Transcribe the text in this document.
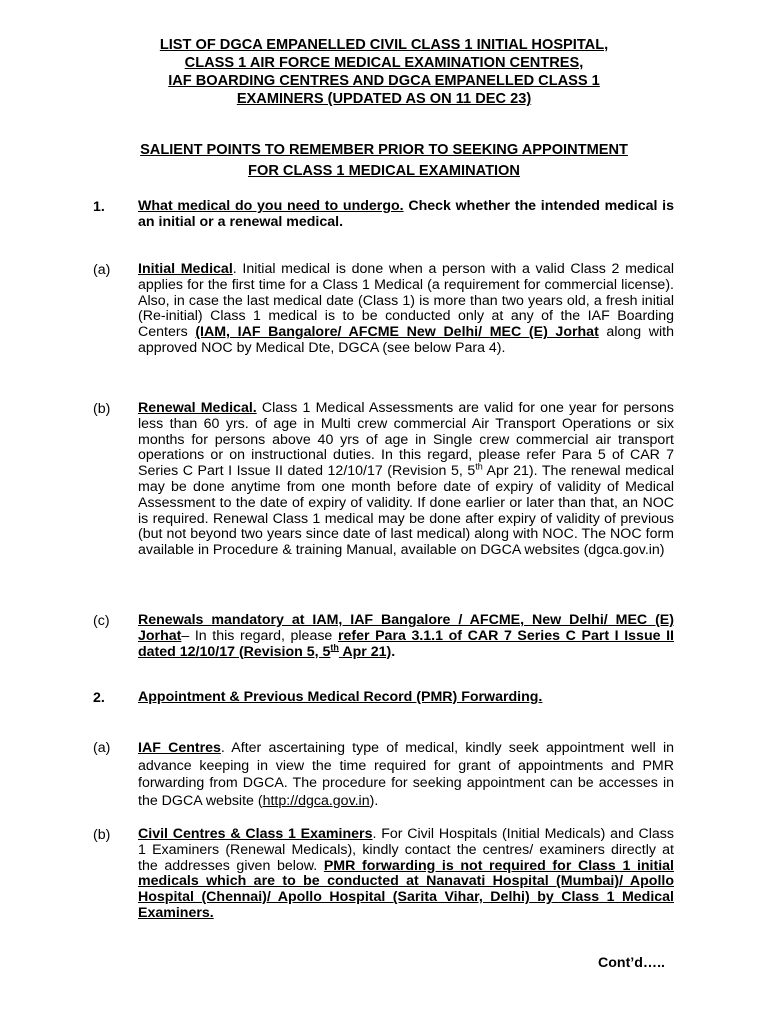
LIST OF DGCA EMPANELLED CIVIL CLASS 1 INITIAL HOSPITAL,
CLASS 1 AIR FORCE MEDICAL EXAMINATION CENTRES,
IAF BOARDING CENTRES AND DGCA EMPANELLED CLASS 1
EXAMINERS (UPDATED AS ON 11 DEC 23)
SALIENT POINTS TO REMEMBER PRIOR TO SEEKING APPOINTMENT
FOR CLASS 1 MEDICAL EXAMINATION
1. What medical do you need to undergo. Check whether the intended medical is an initial or a renewal medical.
(a) Initial Medical. Initial medical is done when a person with a valid Class 2 medical applies for the first time for a Class 1 Medical (a requirement for commercial license). Also, in case the last medical date (Class 1) is more than two years old, a fresh initial (Re-initial) Class 1 medical is to be conducted only at any of the IAF Boarding Centers (IAM, IAF Bangalore/ AFCME New Delhi/ MEC (E) Jorhat along with approved NOC by Medical Dte, DGCA (see below Para 4).
(b) Renewal Medical. Class 1 Medical Assessments are valid for one year for persons less than 60 yrs. of age in Multi crew commercial Air Transport Operations or six months for persons above 40 yrs of age in Single crew commercial air transport operations or on instructional duties. In this regard, please refer Para 5 of CAR 7 Series C Part I Issue II dated 12/10/17 (Revision 5, 5th Apr 21). The renewal medical may be done anytime from one month before date of expiry of validity of Medical Assessment to the date of expiry of validity. If done earlier or later than that, an NOC is required. Renewal Class 1 medical may be done after expiry of validity of previous (but not beyond two years since date of last medical) along with NOC. The NOC form available in Procedure & training Manual, available on DGCA websites (dgca.gov.in)
(c) Renewals mandatory at IAM, IAF Bangalore / AFCME, New Delhi/ MEC (E) Jorhat– In this regard, please refer Para 3.1.1 of CAR 7 Series C Part I Issue II dated 12/10/17 (Revision 5, 5th Apr 21).
2. Appointment & Previous Medical Record (PMR) Forwarding.
(a) IAF Centres. After ascertaining type of medical, kindly seek appointment well in advance keeping in view the time required for grant of appointments and PMR forwarding from DGCA. The procedure for seeking appointment can be accesses in the DGCA website (http://dgca.gov.in).
(b) Civil Centres & Class 1 Examiners. For Civil Hospitals (Initial Medicals) and Class 1 Examiners (Renewal Medicals), kindly contact the centres/ examiners directly at the addresses given below. PMR forwarding is not required for Class 1 initial medicals which are to be conducted at Nanavati Hospital (Mumbai)/ Apollo Hospital (Chennai)/ Apollo Hospital (Sarita Vihar, Delhi) by Class 1 Medical Examiners.
Cont’d…..
